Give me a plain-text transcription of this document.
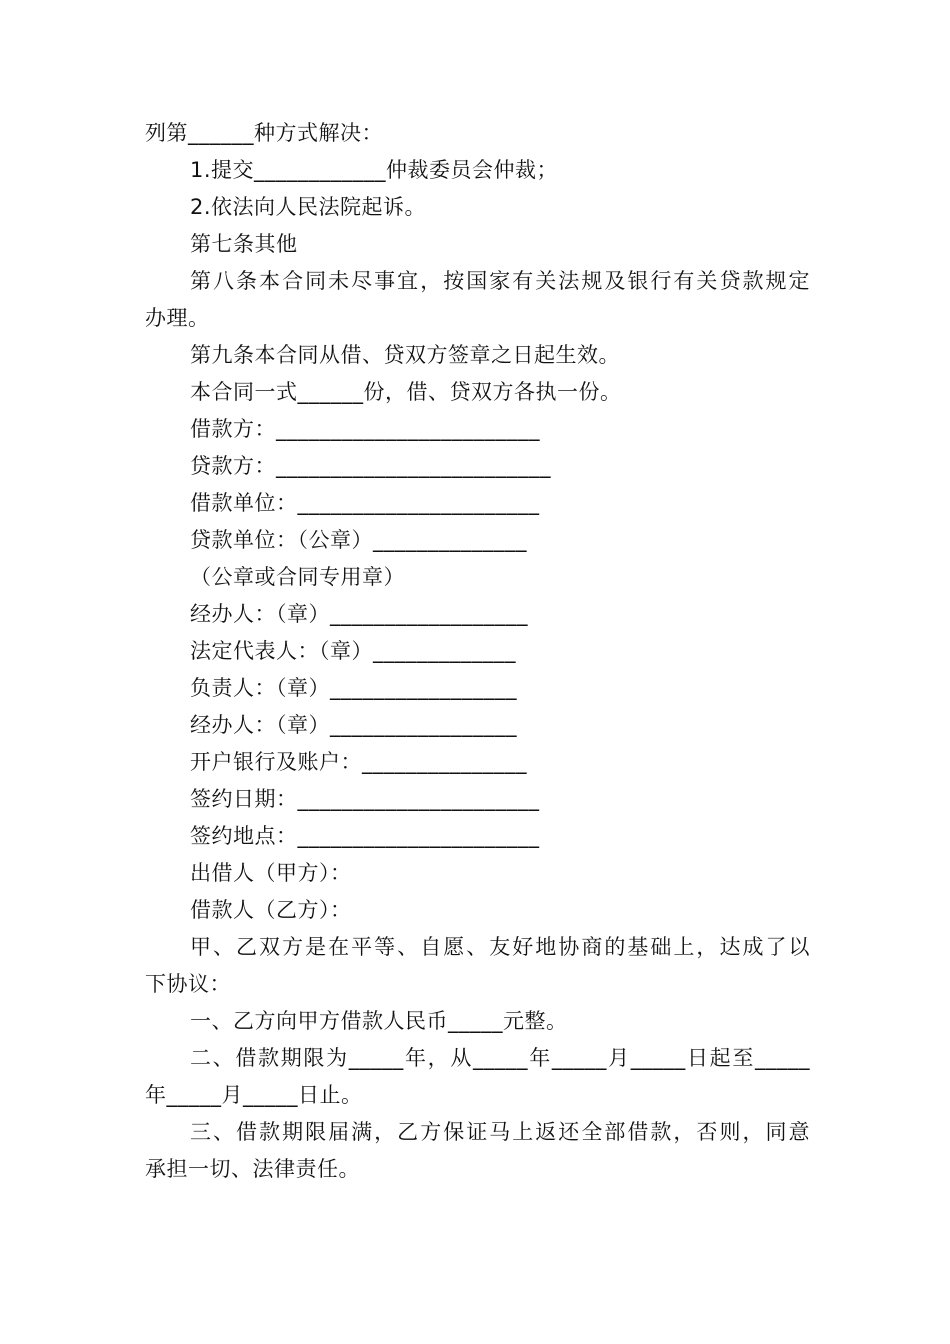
列第______种方式解决：
1.提交____________仲裁委员会仲裁；
2.依法向人民法院起诉。
第七条其他
第八条本合同未尽事宜，按国家有关法规及银行有关贷款规定
办理。
第九条本合同从借、贷双方签章之日起生效。
本合同一式______份，借、贷双方各执一份。
借款方：________________________
贷款方：_________________________
借款单位：______________________
贷款单位：（公章）______________
（公章或合同专用章）
经办人：（章）__________________
法定代表人：（章）_____________
负责人：（章）_________________
经办人：（章）_________________
开户银行及账户：_______________
签约日期：______________________
签约地点：______________________
出借人（甲方）：
借款人（乙方）：
甲、乙双方是在平等、自愿、友好地协商的基础上，达成了以
下协议：
一、乙方向甲方借款人民币_____元整。
二、借款期限为_____年，从_____年_____月_____日起至_____
年_____月_____日止。
三、借款期限届满，乙方保证马上返还全部借款，否则，同意
承担一切、法律责任。
